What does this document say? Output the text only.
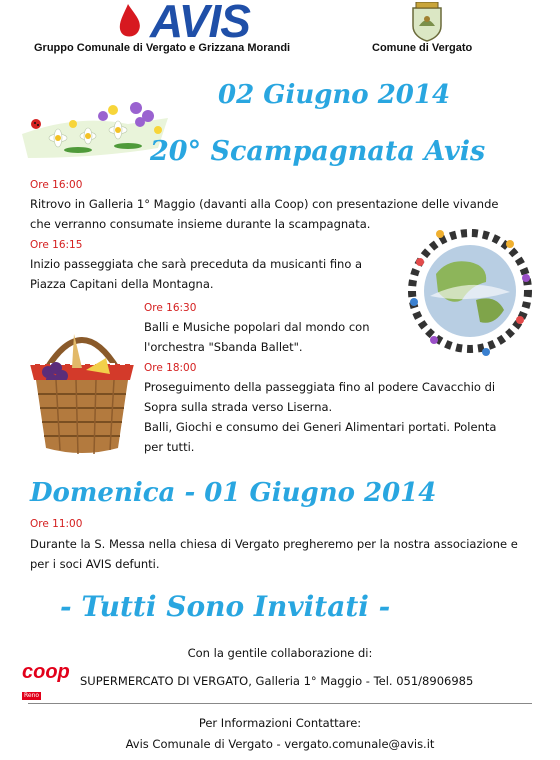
AVIS
Gruppo Comunale di Vergato e Grizzana Morandi	Comune di Vergato
02 Giugno 2014
20° Scampagnata Avis
Ore 16:00
Ritrovo in Galleria 1° Maggio (davanti alla Coop) con presentazione delle vivande
che verranno consumate insieme durante la scampagnata.
Ore 16:15
Inizio passeggiata che sarà preceduta da musicanti fino a
Piazza Capitani della Montagna.
Ore 16:30
Balli e Musiche popolari dal mondo con
l'orchestra "Sbanda Ballet".
Ore 18:00
Proseguimento della passeggiata fino al podere Cavacchio di
Sopra sulla strada verso Liserna.
Balli, Giochi e consumo dei Generi Alimentari portati. Polenta
per tutti.
Domenica - 01 Giugno 2014
Ore 11:00
Durante la S. Messa nella chiesa di Vergato pregheremo per la nostra associazione e
per i soci AVIS defunti.
- Tutti Sono Invitati -
Con la gentile collaborazione di:
coop
Reno
SUPERMERCATO DI VERGATO, Galleria 1° Maggio - Tel. 051/8906985
Per Informazioni Contattare:
Avis Comunale di Vergato - vergato.comunale@avis.it
